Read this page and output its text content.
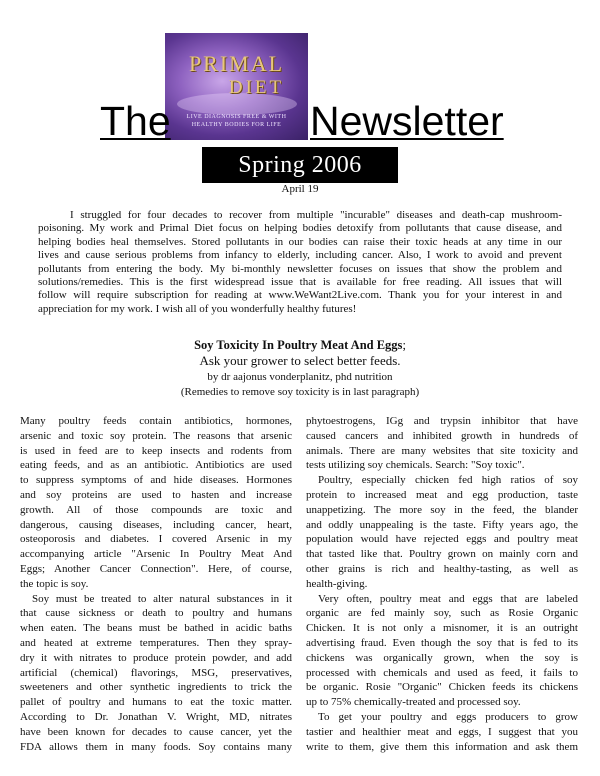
PRIMAL
DIET
LIVE DIAGNOSIS FREE & WITH HEALTHY BODIES FOR LIFE
The	Newsletter
Spring 2006
April 19
I struggled for four decades to recover from multiple "incurable" diseases and death-cap mushroom-
poisoning. My work and Primal Diet focus on helping bodies detoxify from pollutants that cause disease, and
helping bodies heal themselves. Stored pollutants in our bodies can raise their toxic heads at any time in our
lives and cause serious problems from infancy to elderly, including cancer. Also, I work to avoid and prevent
pollutants from entering the body. My bi-monthly newsletter focuses on issues that show the problem and
solutions/remedies. This is the first widespread issue that is available for free reading. All issues that will
follow will require subscription for reading at www.WeWant2Live.com. Thank you for your interest in and
appreciation for my work. I wish all of you wonderfully healthy futures!

Soy Toxicity In Poultry Meat And Eggs;

Ask your grower to select better feeds.

by dr aajonus vonderplanitz, phd nutrition

(Remedies to remove soy toxicity is in last paragraph)

Many poultry feeds contain antibiotics, hormones,
arsenic and toxic soy protein. The reasons that arsenic
is used in feed are to keep insects and rodents from
eating feeds, and as an antibiotic. Antibiotics are used
to suppress symptoms of and hide diseases. Hormones
and soy proteins are used to hasten and increase
growth. All of those compounds are toxic and
dangerous, causing diseases, including cancer, heart,
osteoporosis and diabetes. I covered Arsenic in my
accompanying article "Arsenic In Poultry Meat And
Eggs; Another Cancer Connection". Here, of course,
the topic is soy.
Soy must be treated to alter natural substances in it
that cause sickness or death to poultry and humans
when eaten. The beans must be bathed in acidic baths
and heated at extreme temperatures. Then they spray-
dry it with nitrates to produce protein powder, and add
artificial (chemical) flavorings, MSG, preservatives,
sweeteners and other synthetic ingredients to trick the
pallet of poultry and humans to eat the toxic matter.
According to Dr. Jonathan V. Wright, MD, nitrates
have been known for decades to cause cancer, yet the
FDA allows them in many foods. Soy contains many
phytoestrogens, IGg and trypsin inhibitor that have
caused cancers and inhibited growth in hundreds of
animals. There are many websites that site toxicity and
tests utilizing soy chemicals. Search: "Soy toxic".
Poultry, especially chicken fed high ratios of soy
protein to increased meat and egg production, taste
unappetizing. The more soy in the feed, the blander
and oddly unappealing is the taste. Fifty years ago, the
population would have rejected eggs and poultry meat
that tasted like that. Poultry grown on mainly corn and
other grains is rich and healthy-tasting, as well as
health-giving.
Very often, poultry meat and eggs that are labeled
organic are fed mainly soy, such as Rosie Organic
Chicken. It is not only a misnomer, it is an outright
advertising fraud. Even though the soy that is fed to its
chickens was organically grown, when the soy is
processed with chemicals and used as feed, it fails to
be organic. Rosie "Organic" Chicken feeds its chickens
up to 75% chemically-treated and processed soy.
To get your poultry and eggs producers to grow
tastier and healthier meat and eggs, I suggest that you
write to them, give them this information and ask them
